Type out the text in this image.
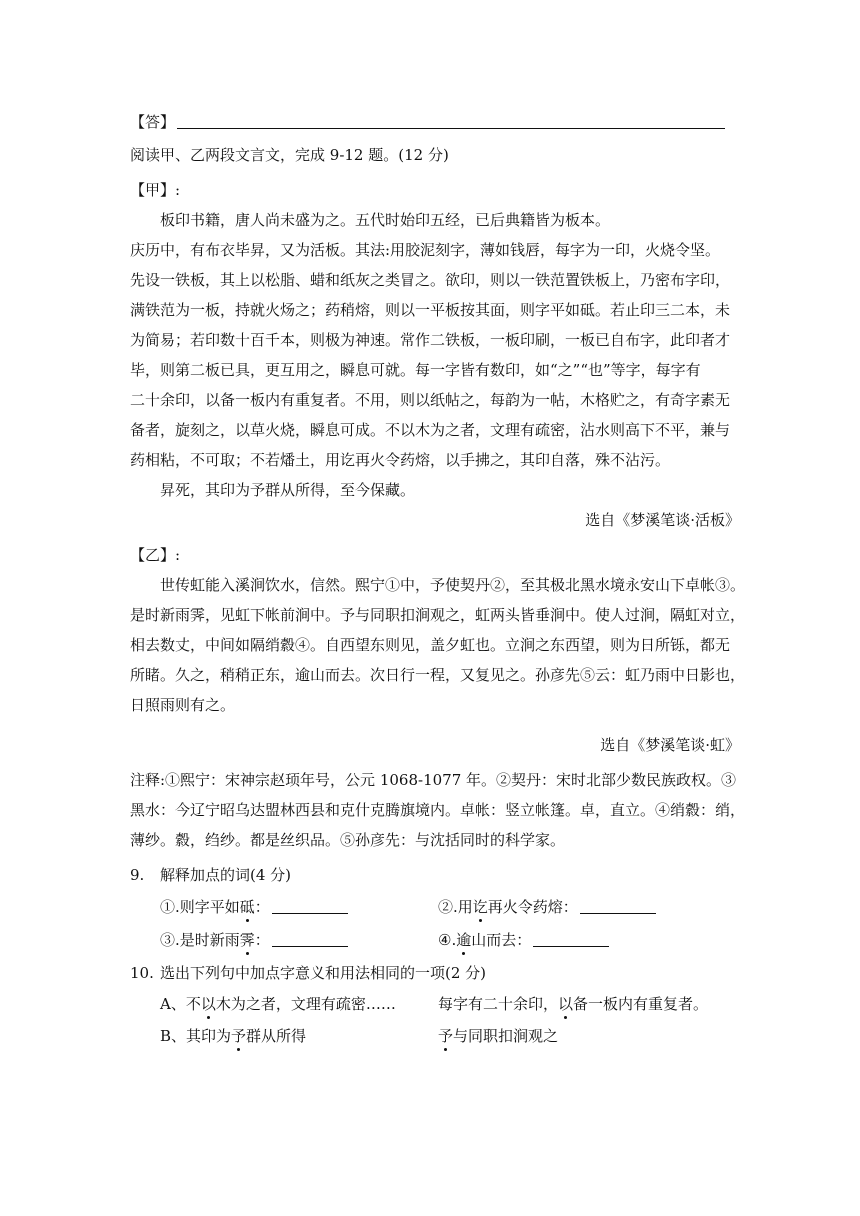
【答】
阅读甲、乙两段文言文，完成 9-12 题。(12 分)
【甲】:
板印书籍，唐人尚未盛为之。五代时始印五经，已后典籍皆为板本。
庆历中，有布衣毕昇，又为活板。其法:用胶泥刻字，薄如钱唇，每字为一印，火烧令坚。
先设一铁板，其上以松脂、蜡和纸灰之类冒之。欲印，则以一铁范置铁板上，乃密布字印，
满铁范为一板，持就火炀之；药稍熔，则以一平板按其面，则字平如砥。若止印三二本，未
为简易；若印数十百千本，则极为神速。常作二铁板，一板印刷，一板已自布字，此印者才
毕，则第二板已具，更互用之，瞬息可就。每一字皆有数印，如“之”“也”等字，每字有
二十余印，以备一板内有重复者。不用，则以纸帖之，每韵为一帖，木格贮之，有奇字素无
备者，旋刻之，以草火烧，瞬息可成。不以木为之者，文理有疏密，沾水则高下不平，兼与
药相粘，不可取；不若燔土，用讫再火令药熔，以手拂之，其印自落，殊不沾污。
昇死，其印为予群从所得，至今保藏。
选自《梦溪笔谈·活板》
【乙】:
世传虹能入溪涧饮水，信然。熙宁①中，予使契丹②，至其极北黑水境永安山下卓帐③。
是时新雨霁，见虹下帐前涧中。予与同职扣涧观之，虹两头皆垂涧中。使人过涧，隔虹对立，
相去数丈，中间如隔绡縠④。自西望东则见，盖夕虹也。立涧之东西望，则为日所铄，都无
所睹。久之，稍稍正东，逾山而去。次日行一程，又复见之。孙彦先⑤云：虹乃雨中日影也，
日照雨则有之。
选自《梦溪笔谈·虹》
注释:①熙宁：宋神宗赵顼年号，公元 1068-1077 年。②契丹：宋时北部少数民族政权。③
黑水：今辽宁昭乌达盟林西县和克什克腾旗境内。卓帐：竖立帐篷。卓，直立。④绡縠：绡，
薄纱。縠，绉纱。都是丝织品。⑤孙彦先：与沈括同时的科学家。
9. 解释加点的词(4 分)
①.则字平如砥：	②.用讫再火令药熔：
③.是时新雨霁：	④.逾山而去：
10. 选出下列句中加点字意义和用法相同的一项(2 分)
A、不以木为之者，文理有疏密……	每字有二十余印，以备一板内有重复者。
B、其印为予群从所得	予与同职扣涧观之
